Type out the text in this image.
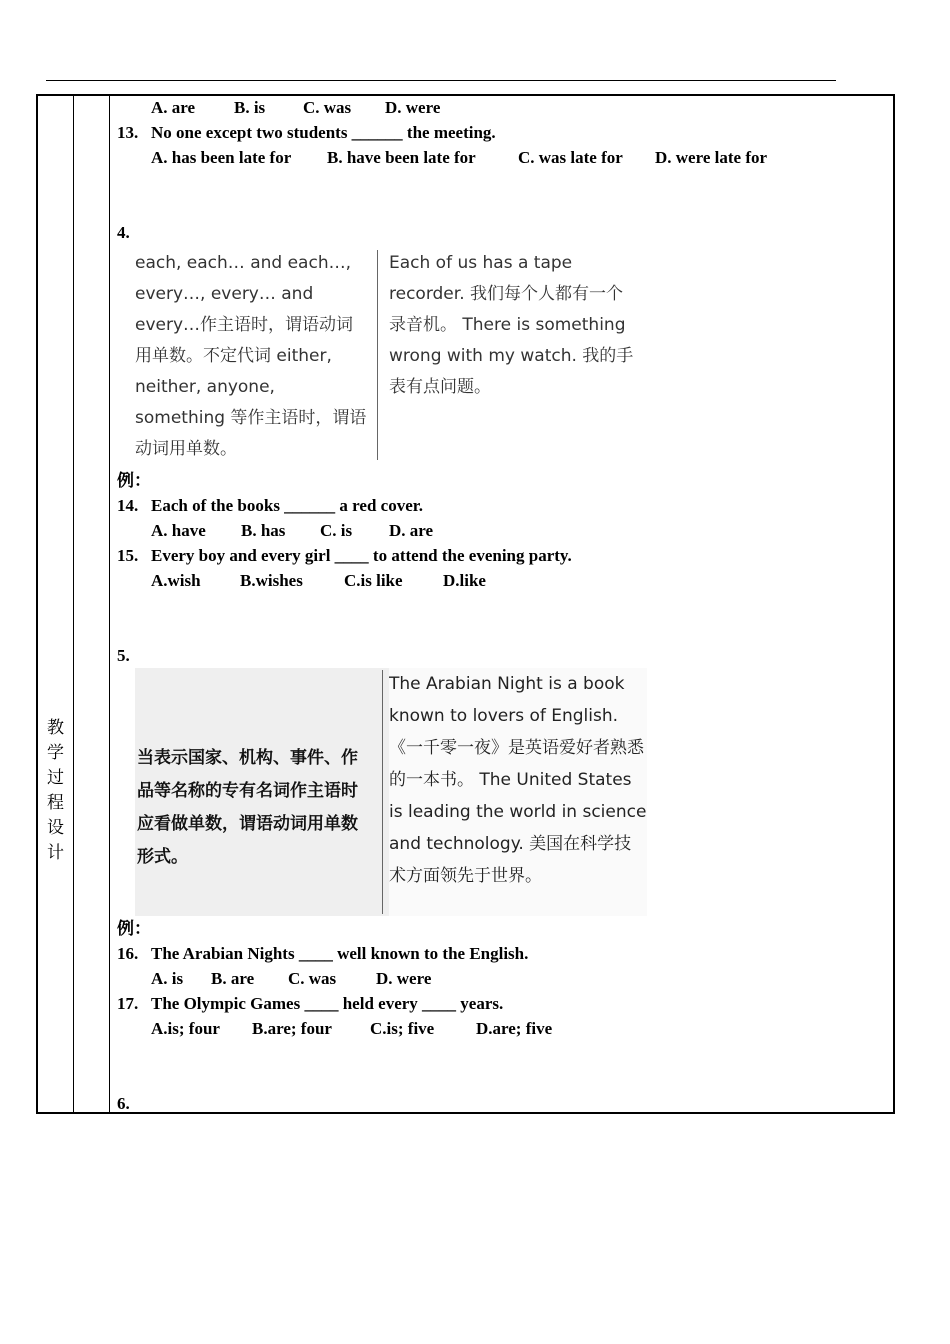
教
学
过
程
设
计
A. are B. is C. was D. were
13. No one except two students ______ the meeting.
A. has been late for B. have been late for C. was late for D. were late for
4.
each, each… and each…, every…, every… and every…作主语时，谓语动词用单数。不定代词 either, neither, anyone, something 等作主语时，谓语动词用单数。
Each of us has a tape recorder. 我们每个人都有一个录音机。 There is something wrong with my watch. 我的手表有点问题。
例：
14. Each of the books ______ a red cover.
A. have B. has C. is D. are
15. Every boy and every girl ____ to attend the evening party.
A.wish B.wishes C.is like D.like
5.
当表示国家、机构、事件、作品等名称的专有名词作主语时应看做单数，谓语动词用单数形式。
The Arabian Night is a book known to lovers of English. 《一千零一夜》是英语爱好者熟悉的一本书。 The United States is leading the world in science and technology. 美国在科学技术方面领先于世界。
例：
16. The Arabian Nights ____ well known to the English.
A. is B. are C. was D. were
17. The Olympic Games ____ held every ____ years.
A.is; four B.are; four C.is; five D.are; five
6.
